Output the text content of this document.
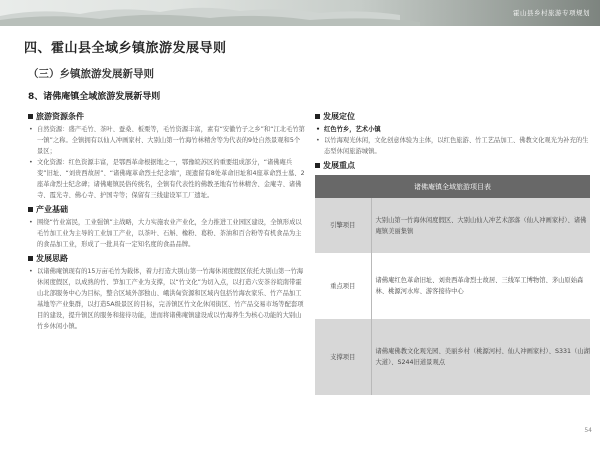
霍山县乡村旅游专项规划
四、霍山县全域乡镇旅游发展导则
（三）乡镇旅游发展新导则
8、诸佛庵镇全域旅游发展新导则
旅游资源条件
• 自然资源：盛产毛竹、茶叶、蚕桑、板栗等，毛竹资源丰富，素有“安徽竹子之乡”和“江北毛竹第一镇”之称。全镇拥有以仙人冲画家村、大别山第一竹海竹林精舍等为代表的9处自然景观和5个景区；
• 文化资源：红色资源丰富，是鄂西革命根据地之一，鄂豫皖苏区的重要组成部分，“诸佛庵兵变”旧址、“刘贵西故居”、“诸佛庵革命烈士纪念墙”，现遗留有8处革命旧址和4座革命烈士墓、2座革命烈士纪念碑；诸佛庵镇民俗传统名，全镇有代表性的佛教圣地有竹林精舍、金庵寺、诸佛寺、霞光寺、佛心寺、护国寺等；保留有三线建设军工厂遗址。
产业基础
• 围绕“竹业富民，工业强镇”主战略，大力实施农业产业化，全力推进工业园区建设，全镇形成以毛竹加工业为主导的工业加工产业，以茶叶、石斛、橡粉、葛粉、茶油和百合粉等有机食品为主的食品加工业，形成了一批具有一定知名度的食品品牌。
发展思路
• 以诸佛庵镇现有的15万亩毛竹为载体，着力打造大别山第一竹海休闲度假区依托大别山第一竹海休闲度假区，以成熟的竹、笋加工产业为支撑，以“竹文化”为切入点，以打造六安茶谷皖南带霍山北部服务中心为目标，整合区域外部独山、峨洪甸资源和区域内包括竹海农家乐、竹产品加工基地等产业集群，以打造5A级景区的目标，完善镇区竹文化休闲街区、竹产品交易市场等配套项目的建设，提升镇区的服务和接待功能，进而将诸佛庵镇建设成以竹海养生为核心功能的大别山竹乡休闲小镇。
发展定位
• 红色竹乡，艺术小镇
• 以竹海观光休闲，文化创意体验为主体，以红色旅游、竹工艺品加工、佛教文化观光为补充的生态型休闲旅游城镇。
发展重点
诸佛庵镇全域旅游项目表	
引擎项目	大别山第一竹海休闲度假区、大别山仙人冲艺术部落（仙人冲画家村）、诸佛庵镇美丽集镇
重点项目	诸佛庵红色革命旧址、刘贵西革命烈士故居、三线军工博物馆、茅山原始森林、桃源河水库、游客接待中心
支撑项目	诸佛庵佛教文化观光园、美丽乡村（桃源河村、仙人冲画家村）、S331（山湖大道）、S244旧道景观点
54
